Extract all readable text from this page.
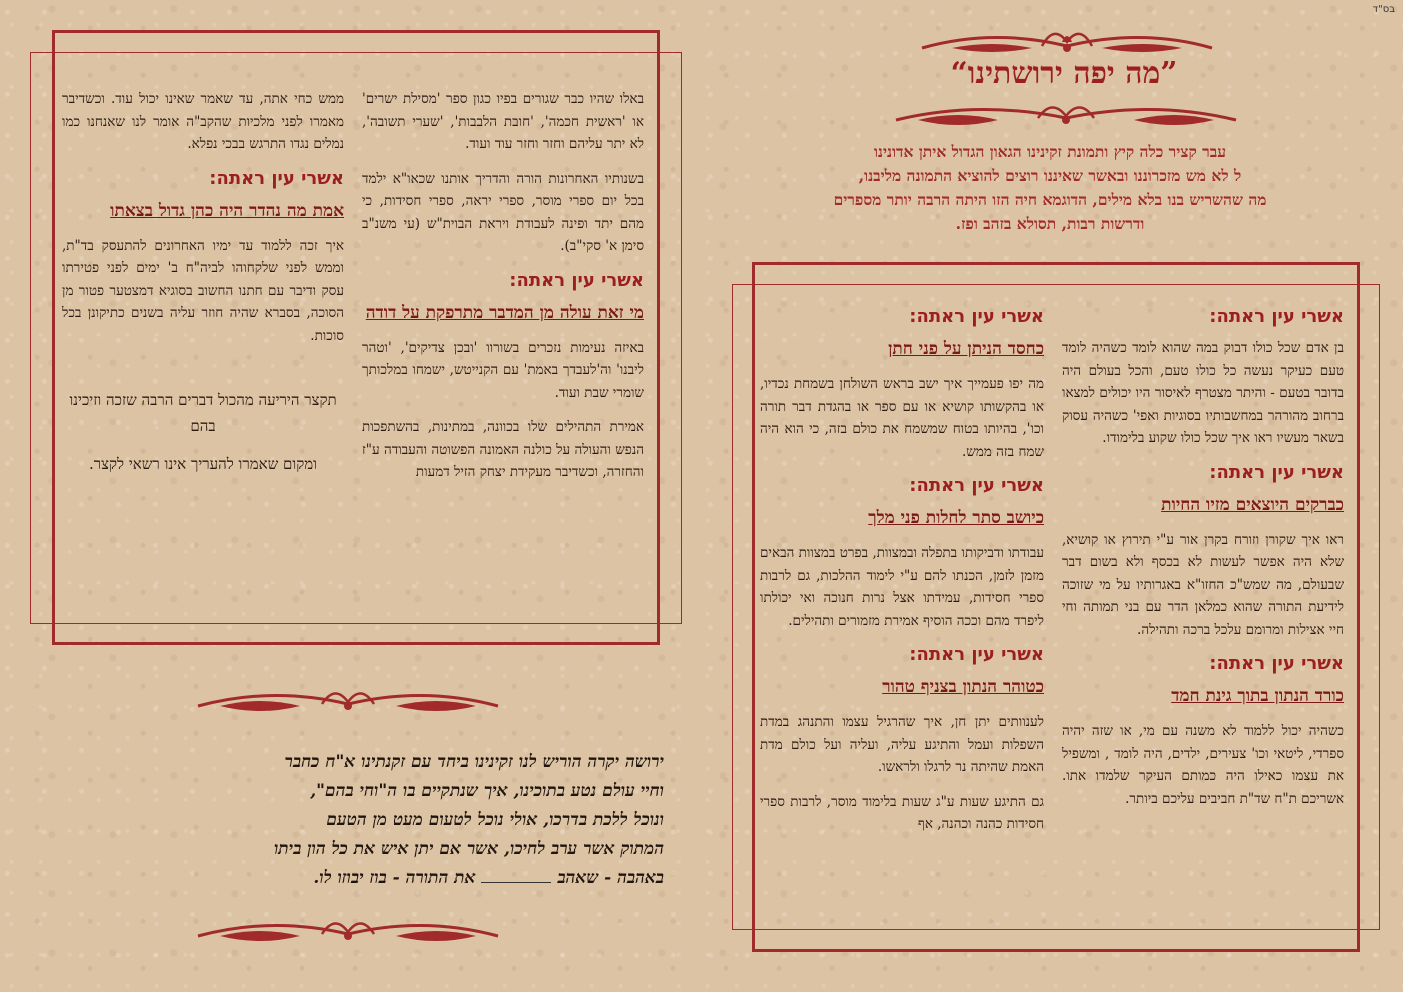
בס"ד
”מה יפה ירושתינו“
עבר קציר כלה קיץ ותמונת זקינינו הגאון הגדול איתן אדונינו
ל לא מש מזכרוננו ובאשר שאיננו רוצים להוציא התמונה מליבנו,
מה שהשריש בנו בלא מילים, הדוגמא חיה הזו היתה הרבה יותר מספרים
ודרשות רבות, תסולא בזהב ופז.
אשרי עין ראתה:
בן אדם שכל כולו דבוק במה שהוא לומד כשהיה לומד טעם כעיקר נעשה כל כולו טעם, והכל בעולם היה בדובר בטעם - והיתר מצטרף לאיסור היו יכולים למצאו ברחוב מהורהר במחשבותיו בסוגיות ואפי' כשהיה עסוק בשאר מעשיו ראו איך שכל כולו שקוע בלימודו.
אשרי עין ראתה:
כברקים היוצאים מזיו החיות
ראו איך שקורן וזורח בקרן אור ע"י תירוץ או קושיא, שלא היה אפשר לעשות לא בכסף ולא בשום דבר שבעולם, מה שמש"כ החזו"א באגרותיו על מי שזוכה לידיעת התורה שהוא כמלאן הדר עם בני תמותה וחי חיי אצילות ומרומם עלכל ברכה ותהילה.
אשרי עין ראתה:
כורד הנתון בתוך גינת חמד
כשהיה יכול ללמוד לא משנה עם מי, או שזה יהיה ספרדי, ליטאי וכו' צעירים, ילדים, היה לומד , ומשפיל את עצמו כאילו היה כמותם העיקר שלמדו אתו. אשריכם ת"ח שד"ת חביבים עליכם ביותר.
אשרי עין ראתה:
כחסד הניתן על פני חתן
מה יפו פעמייך איך ישב בראש השולחן בשמחת נכדיו, או בהקשותו קושיא או עם ספר או בהגדת דבר תורה וכו', בהיותו בטוח שמשמח את כולם בזה, כי הוא היה שמח בזה ממש.
אשרי עין ראתה:
כיושב סתר לחלות פני מלך
עבודתו ודביקותו בתפלה ובמצוות, בפרט במצוות הבאים מזמן לזמן, הכנתו להם ע"י לימוד ההלכות, גם לרבות ספרי חסידות, עמידתו אצל נרות חנוכה ואי יכולתו ליפרד מהם וככה הוסיף אמירת מזמורים ותהילים.
אשרי עין ראתה:
כטוהר הנתון בצניף טהור
לענוותים יתן חן, איך שהרגיל עצמו והתנהג במדת השפלות ועמל והתיגע עליה, ועליה ועל כולם מדת האמת שהיתה נר לרגלו ולראשו.
גם התיגע שעות ע"ג שעות בלימוד מוסר, לרבות ספרי חסידות כהנה וכהנה, אף
באלו שהיו כבר שגורים בפיו כגון ספר 'מסילת ישרים' או 'ראשית חכמה', 'חובת הלבבות', 'שערי תשובה', לא יתר עליהם וחזר וחזר עוד ועוד.
בשנותיו האחרונות הורה והדריך אותנו שכאו"א ילמד בכל יום ספרי מוסר, ספרי יראה, ספרי חסידות, כי מהם יתד ופינה לעבודת ויראת הבוית"ש (עי משנ"ב סימן א' סקי"ב).
אשרי עין ראתה:
מי זאת עולה מן המדבר מתרפקת על דודה
באיזה נעימות נזכרים בשורוו 'ובכן צדיקים', 'וטהר ליבנו' וה'לעבדך באמת' עם הקנייטש, ישמחו במלכותך שומרי שבת ועוד.
אמירת התהילים שלו בכוונה, במתינות, בהשתפכות הנפש והעולה על כולנה האמונה הפשוטה והעבודה ע"ז והחזרה, וכשדיבר מעקידת יצחק הזיל דמעות
ממש כחי אתה, עד שאמר שאינו יכול עוד. וכשדיבר מאמרו לפני מלכיות שהקב"ה אומר לנו שאנחנו כמו נמלים נגדו התרגש בבכי נפלא.
אשרי עין ראתה:
אמת מה נהדר היה כהן גדול בצאתו
איך זכה ללמוד עד ימיו האחרונים להתעסק בד"ת, וממש לפני שלקחוהו לביה"ח ב' ימים לפני פטירתו עסק ודיבר עם חתנו החשוב בסוגיא דמצטער פטור מן הסוכה, בסברא שהיה חוזר עליה בשנים כתיקונן בכל סוכות.
תקצר היריעה מהכול דברים הרבה שזכה וזיכינו בהם
ומקום שאמרו להעריך אינו רשאי לקצר.
ירושה יקרה הוריש לנו זקינינו ביחד עם זקנתינו א"ח כחבר
וחיי עולם נטע בתוכינו, איך שנתקיים בו ה"וחי בהם",
ונוכל ללכת בדרכו, אולי נוכל לטעום מעט מן הטעם
המתוק אשר ערב לחיכו, אשר אם יתן איש את כל הון ביתו
באהבה - שאהב  את התורה - בוז יבוזו לו.
